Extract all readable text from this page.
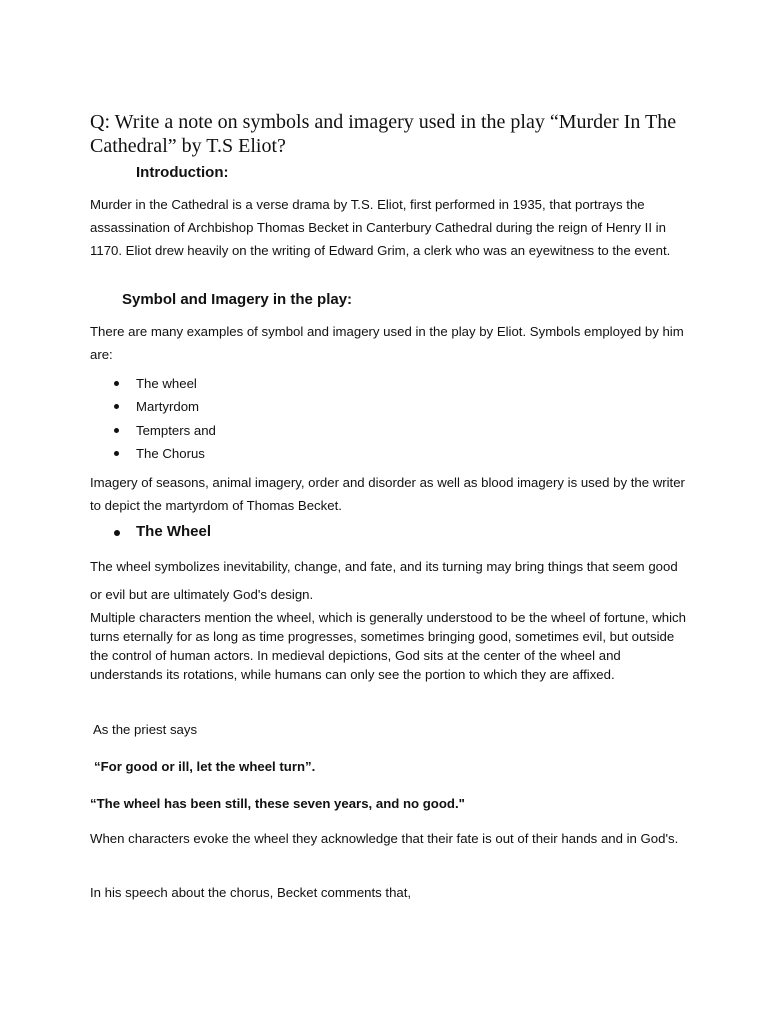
Q: Write a note on symbols and imagery used in the play “Murder In The Cathedral” by T.S Eliot?
Introduction:

Murder in the Cathedral is a verse drama by T.S. Eliot, first performed in 1935, that portrays the assassination of Archbishop Thomas Becket in Canterbury Cathedral during the reign of Henry II in 1170. Eliot drew heavily on the writing of Edward Grim, a clerk who was an eyewitness to the event.

Symbol and Imagery in the play:

There are many examples of symbol and imagery used in the play by Eliot. Symbols employed by him are:

The wheel
Martyrdom
Tempters and
The Chorus

Imagery of seasons, animal imagery, order and disorder as well as blood imagery is used by the writer to depict the martyrdom of Thomas Becket.

The Wheel

The wheel symbolizes inevitability, change, and fate, and its turning may bring things that seem good or evil but are ultimately God's design.

Multiple characters mention the wheel, which is generally understood to be the wheel of fortune, which turns eternally for as long as time progresses, sometimes bringing good, sometimes evil, but outside the control of human actors. In medieval depictions, God sits at the center of the wheel and understands its rotations, while humans can only see the portion to which they are affixed.

As the priest says

“For good or ill, let the wheel turn”.

“The wheel has been still, these seven years, and no good."

When characters evoke the wheel they acknowledge that their fate is out of their hands and in God's.

In his speech about the chorus, Becket comments that,
